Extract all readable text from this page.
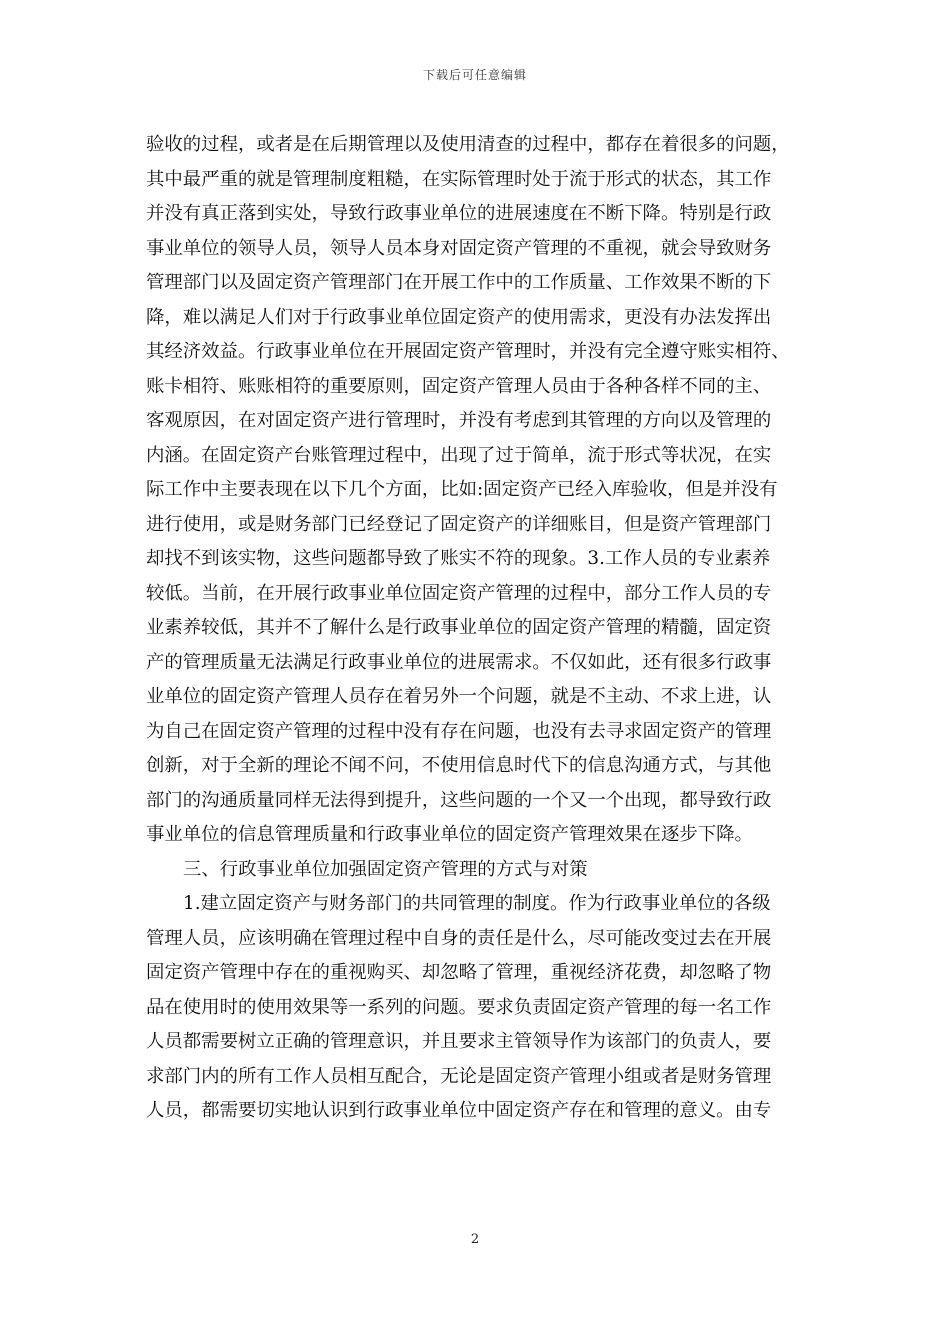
下载后可任意编辑
验收的过程，或者是在后期管理以及使用清查的过程中，都存在着很多的问题，
其中最严重的就是管理制度粗糙，在实际管理时处于流于形式的状态，其工作
并没有真正落到实处，导致行政事业单位的进展速度在不断下降。特别是行政
事业单位的领导人员，领导人员本身对固定资产管理的不重视，就会导致财务
管理部门以及固定资产管理部门在开展工作中的工作质量、工作效果不断的下
降，难以满足人们对于行政事业单位固定资产的使用需求，更没有办法发挥出
其经济效益。行政事业单位在开展固定资产管理时，并没有完全遵守账实相符、
账卡相符、账账相符的重要原则，固定资产管理人员由于各种各样不同的主、
客观原因，在对固定资产进行管理时，并没有考虑到其管理的方向以及管理的
内涵。在固定资产台账管理过程中，出现了过于简单，流于形式等状况，在实
际工作中主要表现在以下几个方面，比如:固定资产已经入库验收，但是并没有
进行使用，或是财务部门已经登记了固定资产的详细账目，但是资产管理部门
却找不到该实物，这些问题都导致了账实不符的现象。3.工作人员的专业素养
较低。当前，在开展行政事业单位固定资产管理的过程中，部分工作人员的专
业素养较低，其并不了解什么是行政事业单位的固定资产管理的精髓，固定资
产的管理质量无法满足行政事业单位的进展需求。不仅如此，还有很多行政事
业单位的固定资产管理人员存在着另外一个问题，就是不主动、不求上进，认
为自己在固定资产管理的过程中没有存在问题，也没有去寻求固定资产的管理
创新，对于全新的理论不闻不问，不使用信息时代下的信息沟通方式，与其他
部门的沟通质量同样无法得到提升，这些问题的一个又一个出现，都导致行政
事业单位的信息管理质量和行政事业单位的固定资产管理效果在逐步下降。
三、行政事业单位加强固定资产管理的方式与对策
1.建立固定资产与财务部门的共同管理的制度。作为行政事业单位的各级
管理人员，应该明确在管理过程中自身的责任是什么，尽可能改变过去在开展
固定资产管理中存在的重视购买、却忽略了管理，重视经济花费，却忽略了物
品在使用时的使用效果等一系列的问题。要求负责固定资产管理的每一名工作
人员都需要树立正确的管理意识，并且要求主管领导作为该部门的负责人，要
求部门内的所有工作人员相互配合，无论是固定资产管理小组或者是财务管理
人员，都需要切实地认识到行政事业单位中固定资产存在和管理的意义。由专
2
